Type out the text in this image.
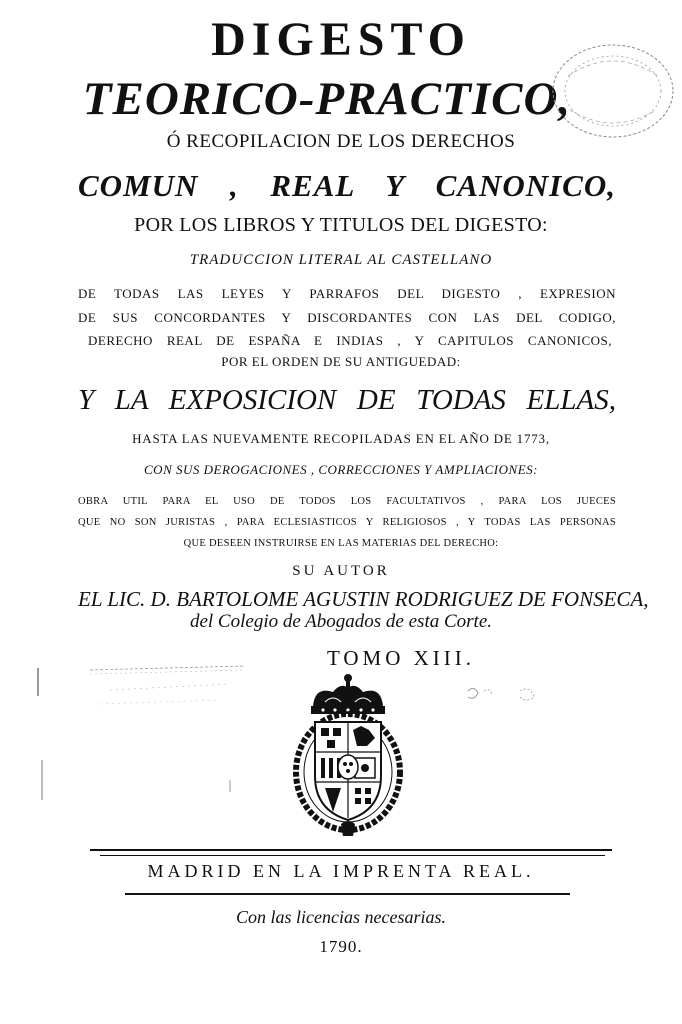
DIGESTO
TEORICO-PRACTICO,
Ó RECOPILACION DE LOS DERECHOS
COMUN , REAL Y CANONICO,
POR LOS LIBROS Y TITULOS DEL DIGESTO:
TRADUCCION LITERAL AL CASTELLANO
DE TODAS LAS LEYES Y PARRAFOS DEL DIGESTO , EXPRESION
DE SUS CONCORDANTES Y DISCORDANTES CON LAS DEL CODIGO,
DERECHO REAL DE ESPAÑA E INDIAS , Y CAPITULOS CANONICOS,
POR EL ORDEN DE SU ANTIGUEDAD:
Y LA EXPOSICION DE TODAS ELLAS,
HASTA LAS NUEVAMENTE RECOPILADAS EN EL AÑO DE 1773,
CON SUS DEROGACIONES , CORRECCIONES Y AMPLIACIONES:
OBRA UTIL PARA EL USO DE TODOS LOS FACULTATIVOS , PARA LOS JUECES
QUE NO SON JURISTAS , PARA ECLESIASTICOS Y RELIGIOSOS , Y TODAS LAS PERSONAS
QUE DESEEN INSTRUIRSE EN LAS MATERIAS DEL DERECHO:
SU AUTOR
EL LIC. D. BARTOLOME AGUSTIN RODRIGUEZ DE FONSECA,
del Colegio de Abogados de esta Corte.
TOMO XIII.
MADRID EN LA IMPRENTA REAL.
Con las licencias necesarias.
1790.
